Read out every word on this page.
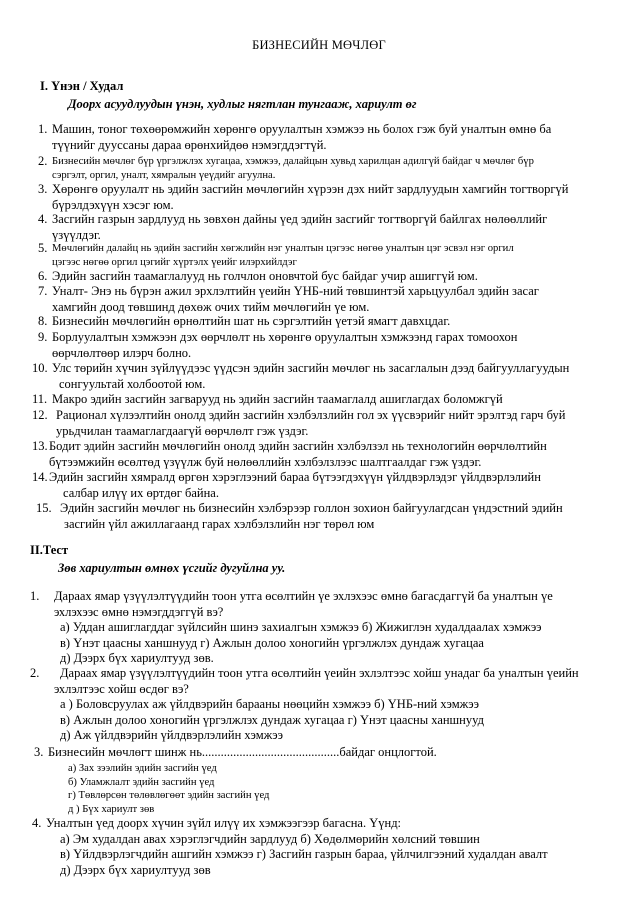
БИЗНЕСИЙН МӨЧЛӨГ
I. Үнэн / Худал
Доорх асуудлуудын үнэн, худлыг нягтлан тунгааж, хариулт өг
1. Машин, тоног төхөөрөмжийн хөрөнгө оруулалтын хэмжээ нь болох гэж буй уналтын өмнө ба
түүнийг дууссаны дараа өрөнхийдөө нэмэгддэгтүй.
2. Бизнесийн мөчлөг бүр үргэлжлэх хугацаа, хэмжээ, далайцын хувьд харилцан адилгүй байдаг ч мөчлөг бүр
сэргэлт, оргил, уналт, хямралын үеүдийг агуулна.
3. Хөрөнгө оруулалт нь эдийн засгийн мөчлөгийн хүрээн дэх нийт зардлуудын хамгийн тогтворгүй
бүрэлдэхүүн хэсэг юм.
4. Засгийн газрын зардлууд нь зөвхөн дайны үед эдийн засгийг тогтворгүй байлгах нөлөөллийг
үзүүлдэг.
5. Мөчлөгийн далайц нь эдийн засгийн хөгжлийн нэг уналтын цэгээс нөгөө уналтын цэг эсвэл нэг оргил
цэгээс нөгөө оргил цэгийг хүртэлх үеийг илэрхийлдэг
6. Эдийн засгийн таамаглалууд нь голчлон оновчтой бус байдаг учир ашиггүй юм.
7. Уналт- Энэ нь бүрэн ажил эрхлэлтийн үеийн ҮНБ-ний төвшинтэй харьцуулбал эдийн засаг
хамгийн доод төвшинд дөхөж очих тийм мөчлөгийн үе юм.
8. Бизнесийн мөчлөгийн өрнөлтийн шат нь сэргэлтийн үетэй ямагт давхцдаг.
9. Борлуулалтын хэмжээн дэх өөрчлөлт нь хөрөнгө оруулалтын хэмжээнд гарах томоохон
өөрчлөлтөөр илэрч болно.
10. Улс төрийн хүчин зүйлүүдээс үүдсэн эдийн засгийн мөчлөг нь засаглалын дээд байгууллагуудын
сонгуультай холбоотой юм.
11. Макро эдийн засгийн загварууд нь эдийн засгийн таамаглалд ашиглагдах боломжгүй
12. Рационал хүлээлтийн онолд эдийн засгийн хэлбэлзлийн гол эх үүсвэрийг нийт эрэлтэд гарч буй
урьдчилан таамаглагдаагүй өөрчлөлт гэж үздэг.
13. Бодит эдийн засгийн мөчлөгийн онолд эдийн засгийн хэлбэлзэл нь технологийн өөрчлөлтийн
бүтээмжийн өсөлтөд үзүүлж буй нөлөөллийн хэлбэлзлээс шалтгаалдаг гэж үздэг.
14. Эдийн засгийн хямралд өргөн хэрэглээний бараа бүтээгдэхүүн үйлдвэрлэдэг үйлдвэрлэлийн
салбар илүү их өртдөг байна.
15. Эдийн засгийн мөчлөг нь бизнесийн хэлбэрээр голлон зохион байгуулагдсан үндэстний эдийн
засгийн үйл ажиллагаанд гарах хэлбэлзлийн нэг төрөл юм
II.Тест
Зөв хариултын өмнөх үсгийг дугуйлна уу.
1. Дараах ямар үзүүлэлтүүдийн тоон утга өсөлтийн үе эхлэхээс өмнө багасдаггүй ба уналтын үе
эхлэхээс өмнө нэмэгддэггүй вэ?
а) Уддан ашиглагддаг зүйлсийн шинэ захиалгын хэмжээ б) Жижиглэн худалдаалах хэмжээ
в) Үнэт цаасны ханшнууд г) Ажлын долоо хоногийн үргэлжлэх дундаж хугацаа
д) Дээрх бүх хариултууд зөв.
2. Дараах ямар үзүүлэлтүүдийн тоон утга өсөлтийн үеийн эхлэлтээс хойш унадаг ба уналтын үеийн
эхлэлтээс хойш өсдөг вэ?
а ) Боловсруулах аж үйлдвэрийн барааны нөөцийн хэмжээ б) ҮНБ-ний хэмжээ
в) Ажлын долоо хоногийн үргэлжлэх дундаж хугацаа г) Үнэт цаасны ханшнууд
д) Аж үйлдвэрийн үйлдвэрлэлийн хэмжээ
3. Бизнесийн мөчлөгт шинж нь............................................байдаг онцлогтой.
а) Зах зээлийн эдийн засгийн үед
б) Уламжлалт эдийн засгийн үед
г) Төвлөрсөн төлөвлөгөөт эдийн засгийн үед
д ) Бүх хариулт зөв
4. Уналтын үед доорх хүчин зүйл илүү их хэмжээгээр багасна. Үүнд:
а) Эм худалдан авах хэрэглэгчдийн зардлууд б) Хөдөлмөрийн хөлсний төвшин
в) Үйлдвэрлэгчдийн ашгийн хэмжээ г) Засгийн газрын бараа, үйлчилгээний худалдан авалт
д) Дээрх бүх хариултууд зөв
